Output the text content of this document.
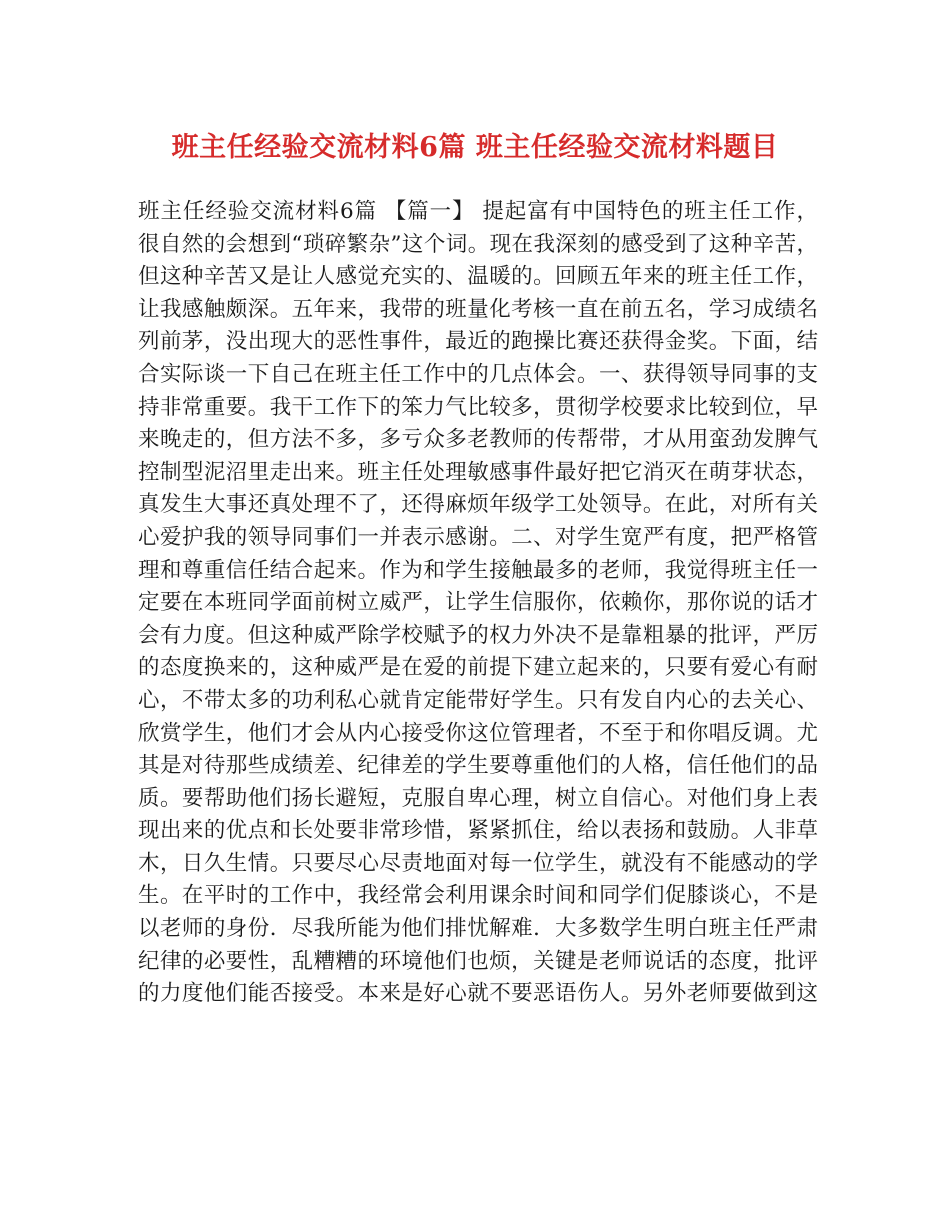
班主任经验交流材料6篇 班主任经验交流材料题目
班主任经验交流材料6篇 【篇一】 提起富有中国特色的班主任工作，
很自然的会想到“琐碎繁杂”这个词。现在我深刻的感受到了这种辛苦，
但这种辛苦又是让人感觉充实的、温暖的。回顾五年来的班主任工作，
让我感触颇深。五年来，我带的班量化考核一直在前五名，学习成绩名
列前茅，没出现大的恶性事件，最近的跑操比赛还获得金奖。下面，结
合实际谈一下自己在班主任工作中的几点体会。一、获得领导同事的支
持非常重要。我干工作下的笨力气比较多，贯彻学校要求比较到位，早
来晚走的，但方法不多，多亏众多老教师的传帮带，才从用蛮劲发脾气
控制型泥沼里走出来。班主任处理敏感事件最好把它消灭在萌芽状态，
真发生大事还真处理不了，还得麻烦年级学工处领导。在此，对所有关
心爱护我的领导同事们一并表示感谢。二、对学生宽严有度，把严格管
理和尊重信任结合起来。作为和学生接触最多的老师，我觉得班主任一
定要在本班同学面前树立威严，让学生信服你，依赖你，那你说的话才
会有力度。但这种威严除学校赋予的权力外决不是靠粗暴的批评，严厉
的态度换来的，这种威严是在爱的前提下建立起来的，只要有爱心有耐
心，不带太多的功利私心就肯定能带好学生。只有发自内心的去关心、
欣赏学生，他们才会从内心接受你这位管理者，不至于和你唱反调。尤
其是对待那些成绩差、纪律差的学生要尊重他们的人格，信任他们的品
质。要帮助他们扬长避短，克服自卑心理，树立自信心。对他们身上表
现出来的优点和长处要非常珍惜，紧紧抓住，给以表扬和鼓励。人非草
木，日久生情。只要尽心尽责地面对每一位学生，就没有不能感动的学
生。在平时的工作中，我经常会利用课余时间和同学们促膝谈心，不是
以老师的身份．尽我所能为他们排忧解难．大多数学生明白班主任严肃
纪律的必要性，乱糟糟的环境他们也烦，关键是老师说话的态度，批评
的力度他们能否接受。本来是好心就不要恶语伤人。另外老师要做到这
